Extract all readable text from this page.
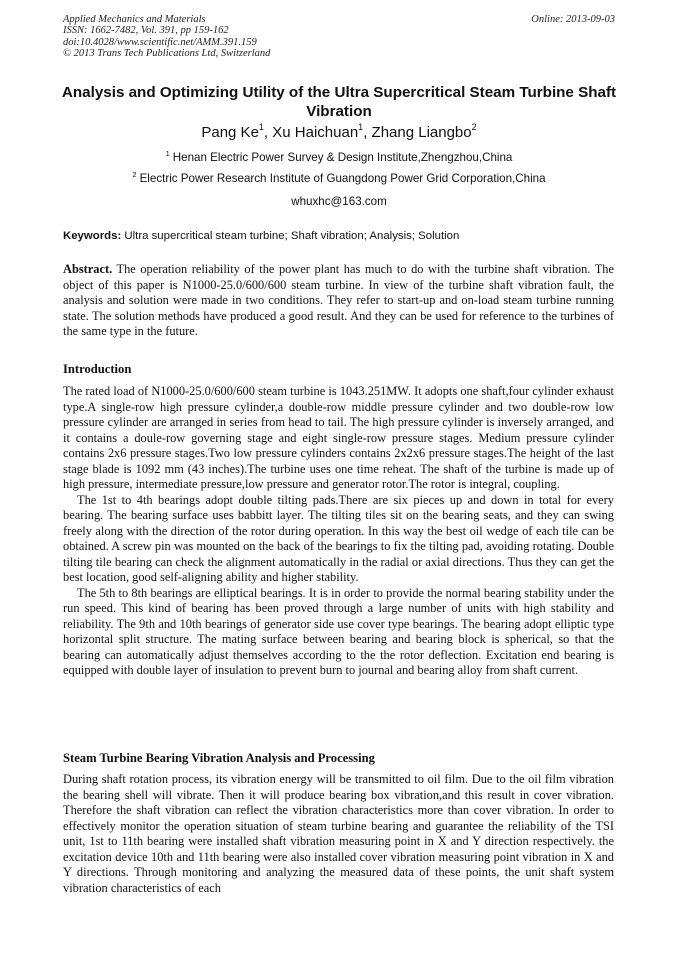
Applied Mechanics and Materials
ISSN: 1662-7482, Vol. 391, pp 159-162
doi:10.4028/www.scientific.net/AMM.391.159
© 2013 Trans Tech Publications Ltd, Switzerland
Online: 2013-09-03
Analysis and Optimizing Utility of the Ultra Supercritical Steam Turbine Shaft Vibration
Pang Ke$^1$, Xu Haichuan$^1$, Zhang Liangbo$^2$
$^1$ Henan Electric Power Survey & Design Institute,Zhengzhou,China
$^2$ Electric Power Research Institute of Guangdong Power Grid Corporation,China
whuxhc@163.com
Keywords: Ultra supercritical steam turbine; Shaft vibration; Analysis; Solution

Abstract. The operation reliability of the power plant has much to do with the turbine shaft vibration. The object of this paper is N1000-25.0/600/600 steam turbine. In view of the turbine shaft vibration fault, the analysis and solution were made in two conditions. They refer to start-up and on-load steam turbine running state. The solution methods have produced a good result. And they can be used for reference to the turbines of the same type in the future.

Introduction

The rated load of N1000-25.0/600/600 steam turbine is 1043.251MW. It adopts one shaft,four cylinder exhaust type.A single-row high pressure cylinder,a double-row middle pressure cylinder and two double-row low pressure cylinder are arranged in series from head to tail. The high pressure cylinder is inversely arranged, and it contains a doule-row governing stage and eight single-row pressure stages. Medium pressure cylinder contains 2x6 pressure stages.Two low pressure cylinders contains 2x2x6 pressure stages.The height of the last stage blade is 1092 mm (43 inches).The turbine uses one time reheat. The shaft of the turbine is made up of high pressure, intermediate pressure,low pressure and generator rotor.The rotor is integral, coupling.

The 1st to 4th bearings adopt double tilting pads.There are six pieces up and down in total for every bearing. The bearing surface uses babbitt layer. The tilting tiles sit on the bearing seats, and they can swing freely along with the direction of the rotor during operation. In this way the best oil wedge of each tile can be obtained. A screw pin was mounted on the back of the bearings to fix the tilting pad, avoiding rotating. Double tilting tile bearing can check the alignment automatically in the radial or axial directions. Thus they can get the best location, good self-aligning ability and higher stability.

The 5th to 8th bearings are elliptical bearings. It is in order to provide the normal bearing stability under the run speed. This kind of bearing has been proved through a large number of units with high stability and reliability. The 9th and 10th bearings of generator side use cover type bearings. The bearing adopt elliptic type horizontal split structure. The mating surface between bearing and bearing block is spherical, so that the bearing can automatically adjust themselves according to the the rotor deflection. Excitation end bearing is equipped with double layer of insulation to prevent burn to journal and bearing alloy from shaft current.

Steam Turbine Bearing Vibration Analysis and Processing

During shaft rotation process, its vibration energy will be transmitted to oil film. Due to the oil film vibration the bearing shell will vibrate. Then it will produce bearing box vibration,and this result in cover vibration. Therefore the shaft vibration can reflect the vibration characteristics more than cover vibration. In order to effectively monitor the operation situation of steam turbine bearing and guarantee the reliability of the TSI unit, 1st to 11th bearing were installed shaft vibration measuring point in X and Y direction respectively. the excitation device 10th and 11th bearing were also installed cover vibration measuring point vibration in X and Y directions. Through monitoring and analyzing the measured data of these points, the unit shaft system vibration characteristics of each
